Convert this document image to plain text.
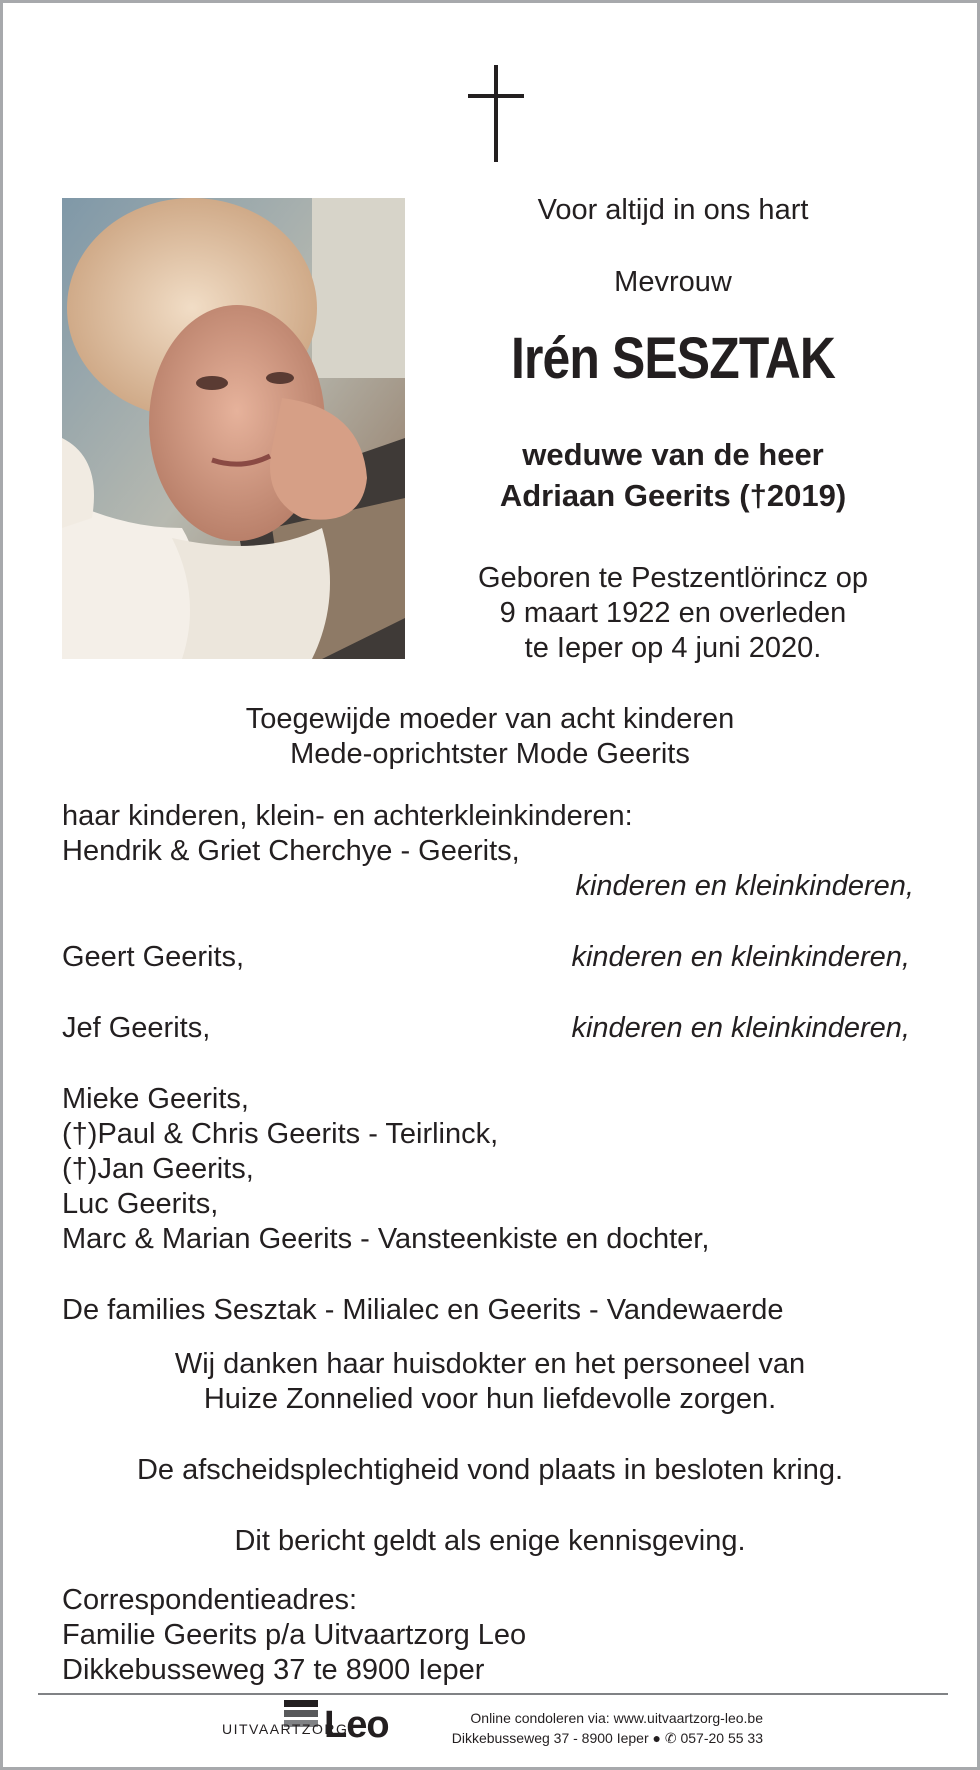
Voor altijd in ons hart
Mevrouw
Irén SESZTAK
weduwe van de heer
Adriaan Geerits (†2019)
Geboren te Pestzentlörincz op
9 maart 1922 en overleden
te Ieper op 4 juni 2020.
Toegewijde moeder van acht kinderen
Mede-oprichtster Mode Geerits
haar kinderen, klein- en achterkleinkinderen:
Hendrik & Griet Cherchye - Geerits,
kinderen en kleinkinderen,
Geert Geerits,	kinderen en kleinkinderen,
Jef Geerits,	kinderen en kleinkinderen,
Mieke Geerits,
(†)Paul & Chris Geerits - Teirlinck,
(†)Jan Geerits,
Luc Geerits,
Marc & Marian Geerits - Vansteenkiste en dochter,
De families Sesztak - Milialec en Geerits - Vandewaerde
Wij danken haar huisdokter en het personeel van
Huize Zonnelied voor hun liefdevolle zorgen.
De afscheidsplechtigheid vond plaats in besloten kring.
Dit bericht geldt als enige kennisgeving.
Correspondentieadres:
Familie Geerits p/a Uitvaartzorg Leo
Dikkebusseweg 37 te 8900 Ieper
UITVAARTZORG
Leo	Online condoleren via: www.uitvaartzorg-leo.be
Dikkebusseweg 37 - 8900 Ieper ● ✆ 057-20 55 33
